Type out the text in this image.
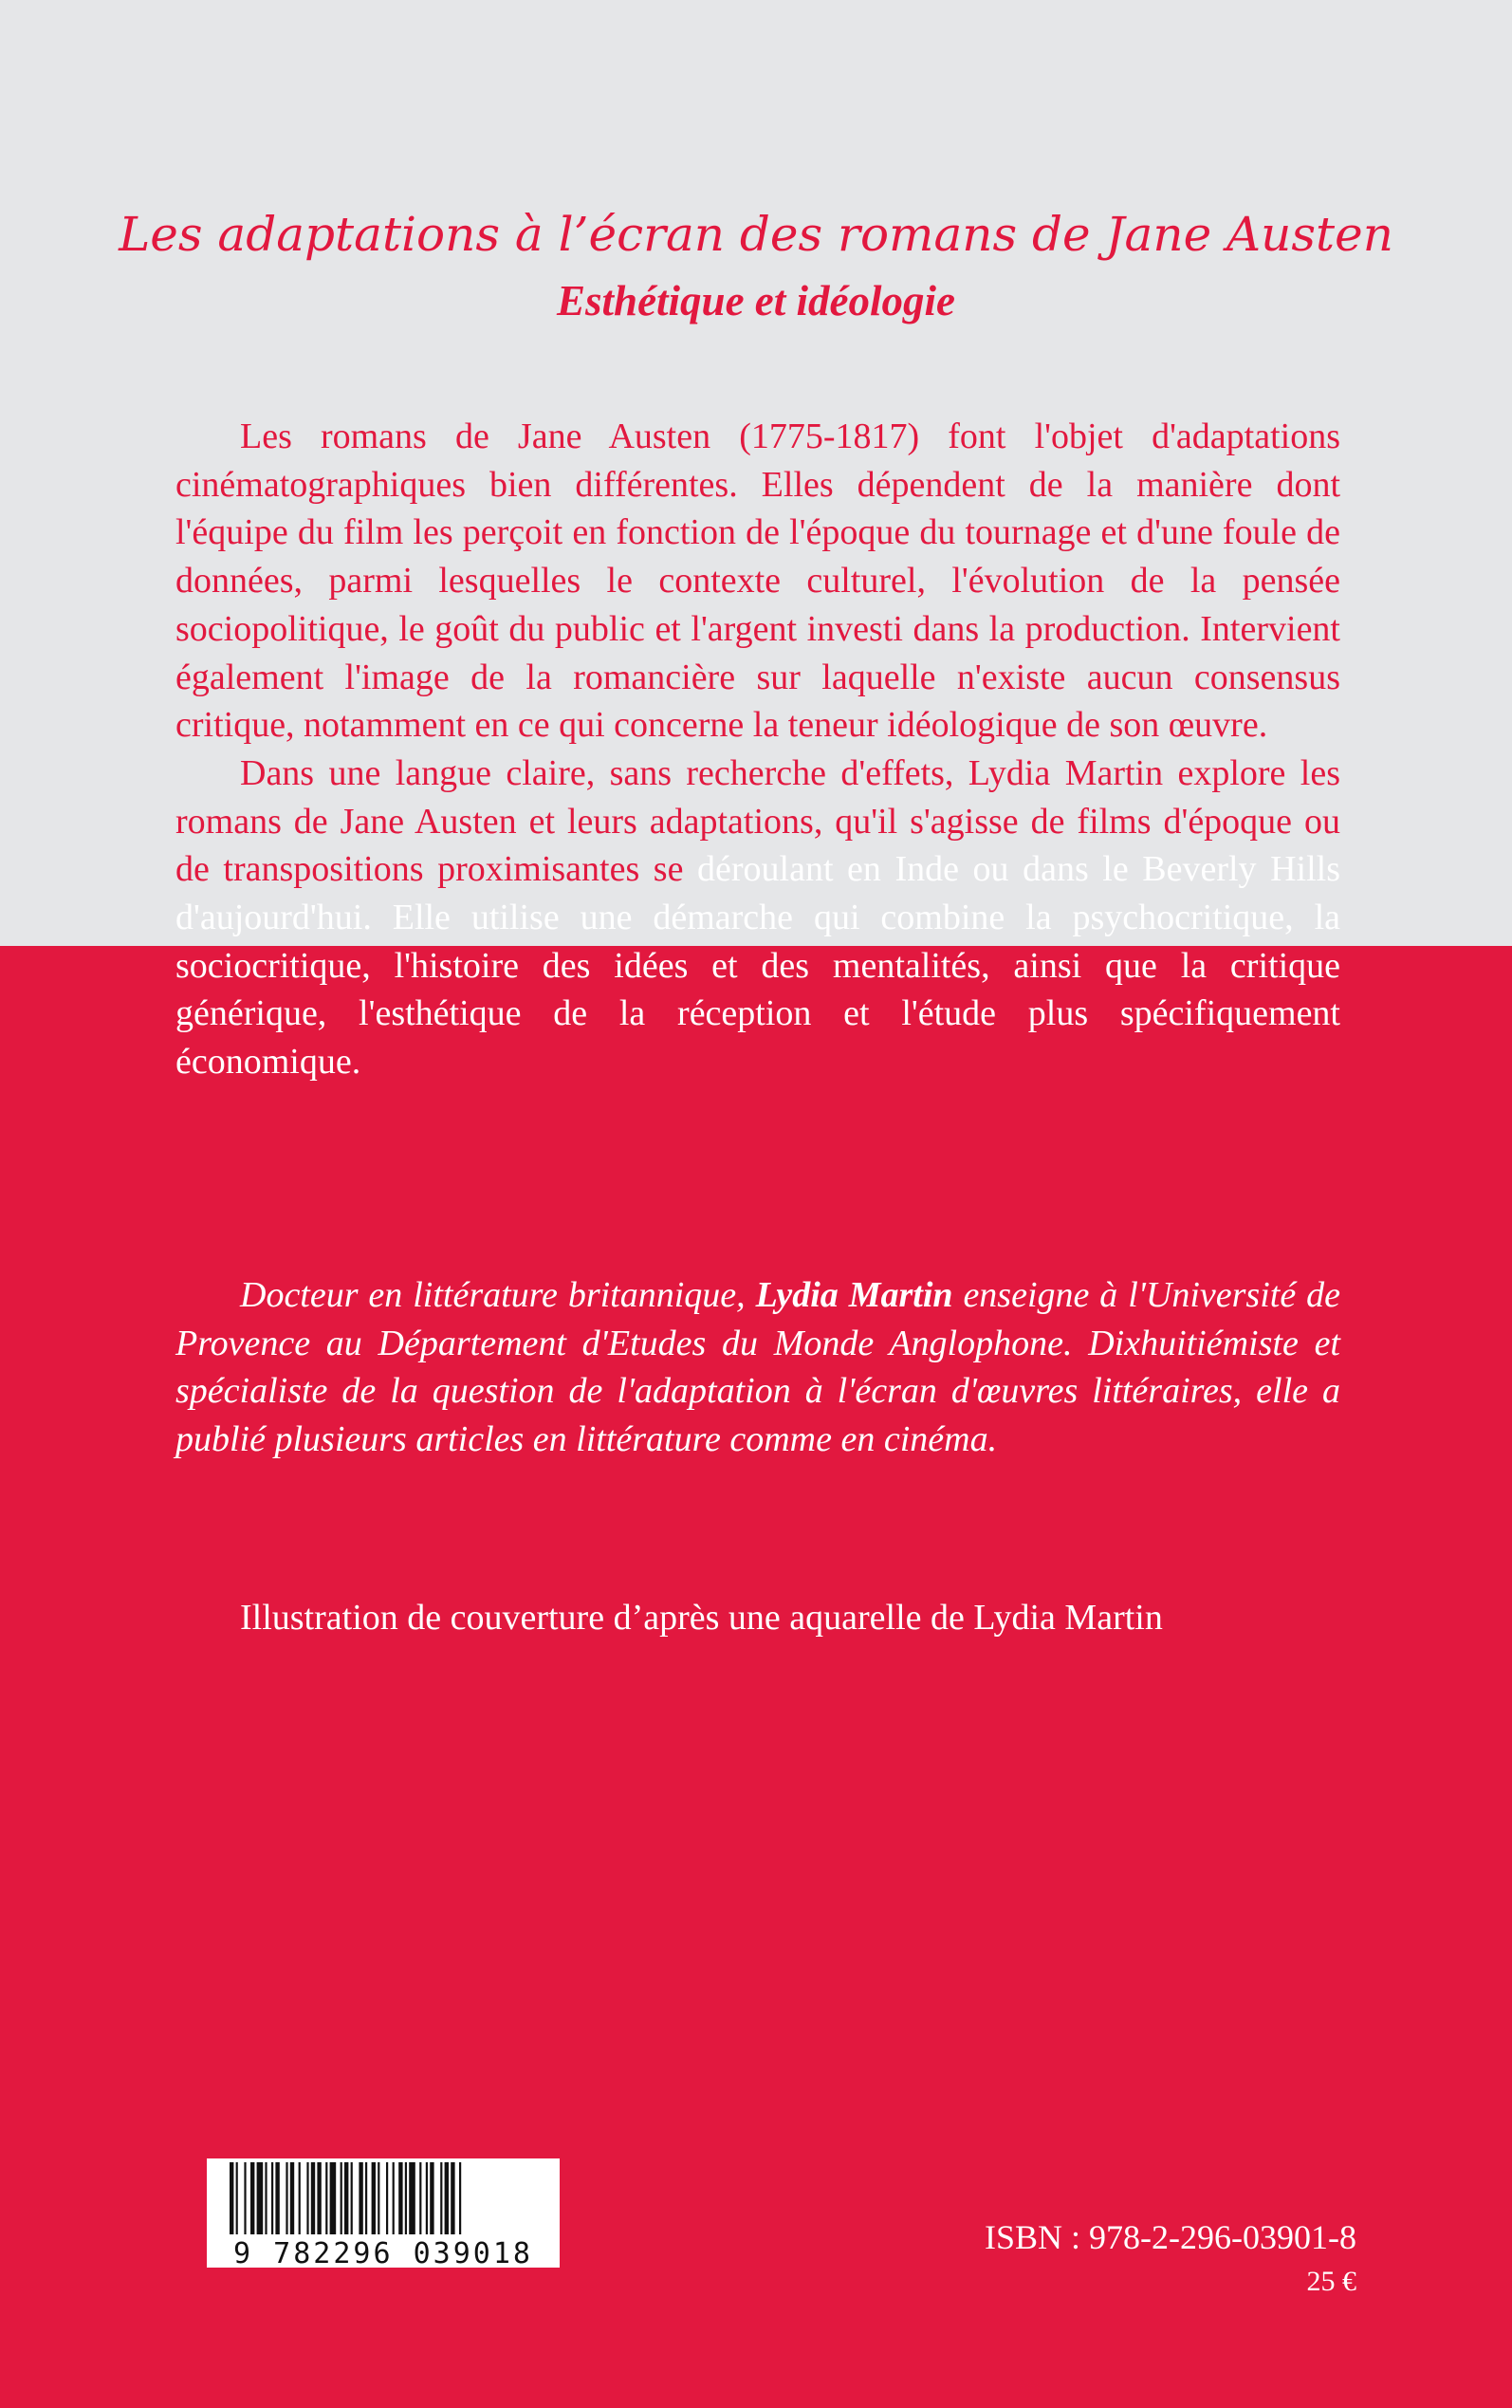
Les adaptations à l’écran des romans de Jane Austen
Esthétique et idéologie

Les romans de Jane Austen (1775-1817) font l'objet d'adaptations cinématographiques bien différentes. Elles dépendent de la manière dont l'équipe du film les perçoit en fonction de l'époque du tournage et d'une foule de données, parmi lesquelles le contexte culturel, l'évolution de la pensée sociopolitique, le goût du public et l'argent investi dans la production. Intervient également l'image de la romancière sur laquelle n'existe aucun consensus critique, notamment en ce qui concerne la teneur idéologique de son œuvre.

Dans une langue claire, sans recherche d'effets, Lydia Martin explore les romans de Jane Austen et leurs adaptations, qu'il s'agisse de films d'époque ou de transpositions proximisantes se déroulant en Inde ou dans le Beverly Hills d'aujourd'hui. Elle utilise une démarche qui combine la psychocritique, la sociocritique, l'histoire des idées et des mentalités, ainsi que la critique générique, l'esthétique de la réception et l'étude plus spécifiquement économique.

Docteur en littérature britannique, Lydia Martin enseigne à l'Université de Provence au Département d'Etudes du Monde Anglophone. Dixhuitiémiste et spécialiste de la question de l'adaptation à l'écran d'œuvres littéraires, elle a publié plusieurs articles en littérature comme en cinéma.

Illustration de couverture d’après une aquarelle de Lydia Martin
9 782296 039018	ISBN : 978-2-296-03901-8
25 €
